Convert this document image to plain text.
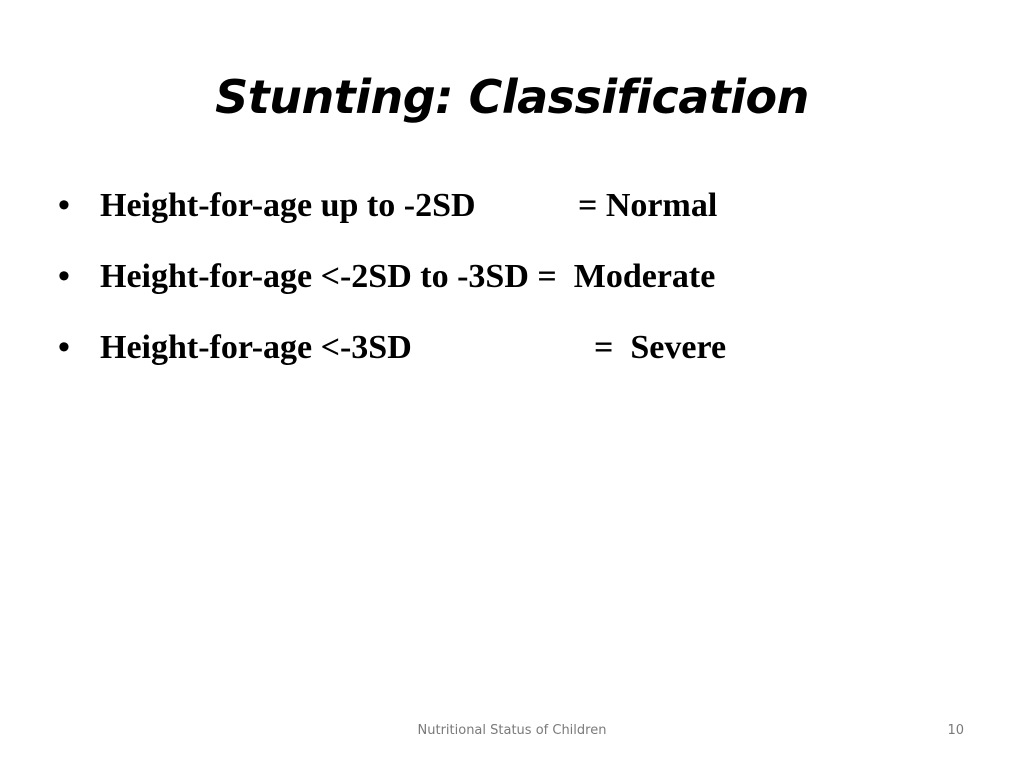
Stunting: Classification
• Height-for-age up to -2SD	= Normal
• Height-for-age <-2SD to -3SD =  Moderate
• Height-for-age <-3SD	=  Severe
Nutritional Status of Children	10
